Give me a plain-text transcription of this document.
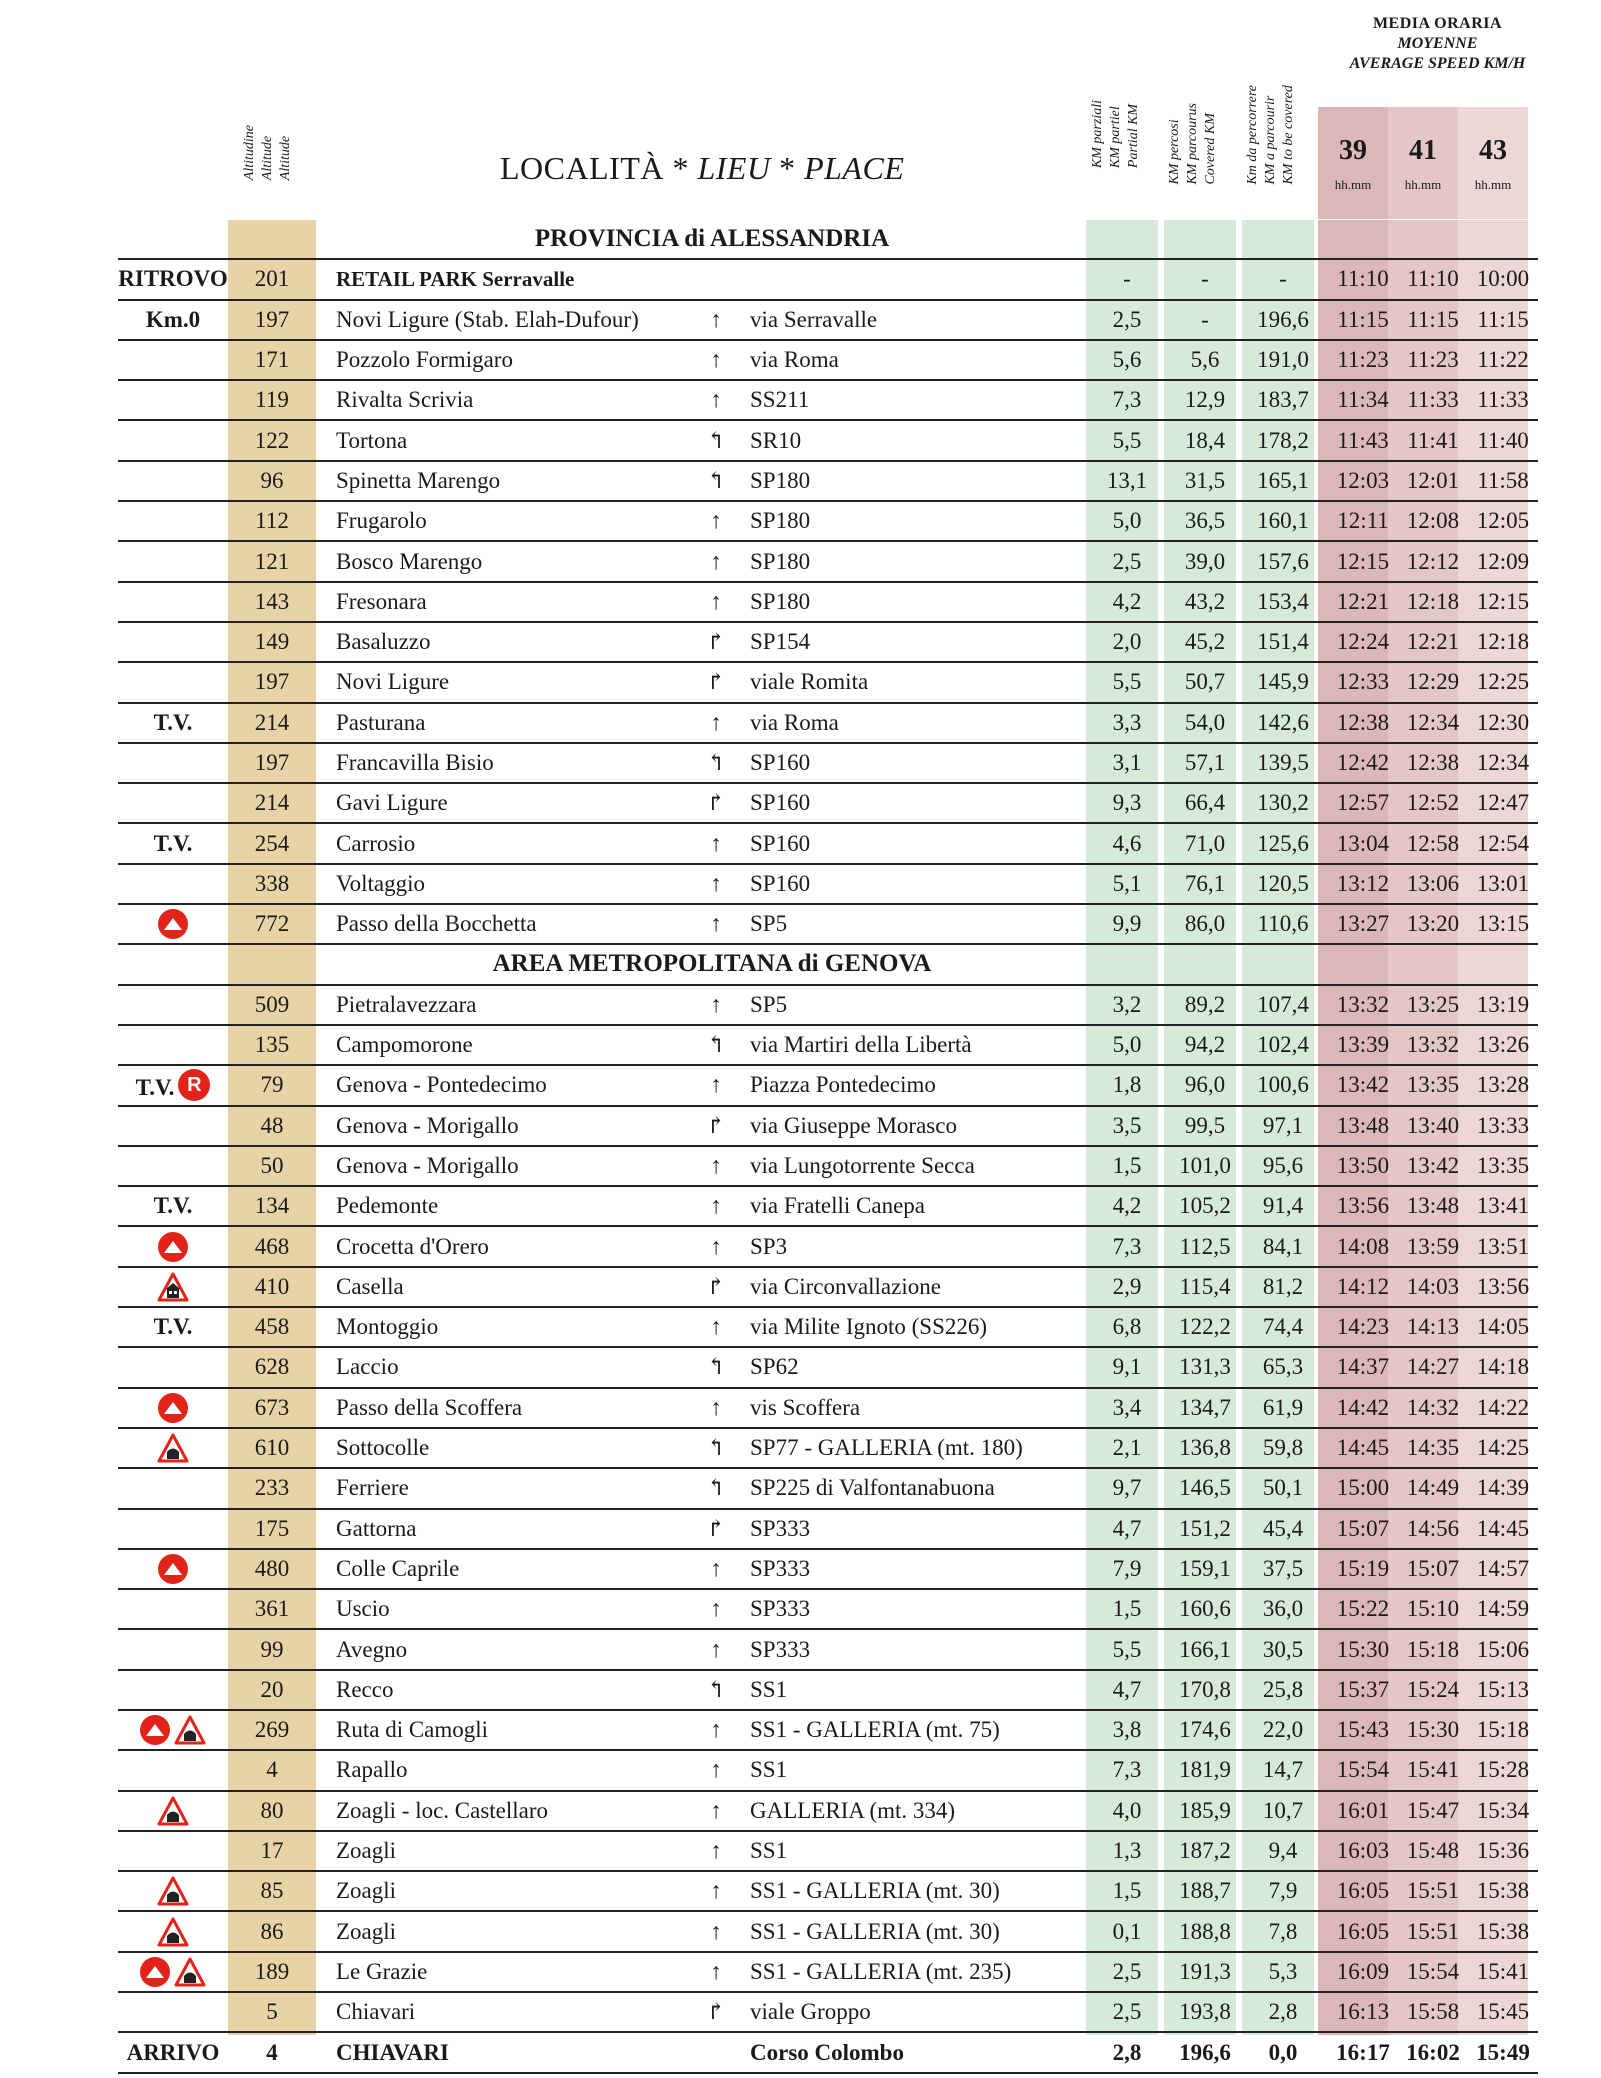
MEDIA ORARIA
MOYENNE
AVERAGE SPEED KM/H
Altitudine Altitude Altitude	KM parziali KM partiel Partial KM KM percosi KM parcourus Covered KM Km da percorrere KM a parcourir KM to be covered
LOCALITÀ * LIEU * PLACE	39
hh.mm
41
hh.mm
43
hh.mm
			PROVINCIA di ALESSANDRIA									
RITROVO	201		RETAIL PARK Serravalle			-	-	-		11:10	11:10	10:00
Km.0	197		Novi Ligure (Stab. Elah-Dufour)	↑	via Serravalle	2,5	-	196,6		11:15	11:15	11:15
	171		Pozzolo Formigaro	↑	via Roma	5,6	5,6	191,0		11:23	11:23	11:22
	119		Rivalta Scrivia	↑	SS211	7,3	12,9	183,7		11:34	11:33	11:33
	122		Tortona	↰	SR10	5,5	18,4	178,2		11:43	11:41	11:40
	96		Spinetta Marengo	↰	SP180	13,1	31,5	165,1		12:03	12:01	11:58
	112		Frugarolo	↑	SP180	5,0	36,5	160,1		12:11	12:08	12:05
	121		Bosco Marengo	↑	SP180	2,5	39,0	157,6		12:15	12:12	12:09
	143		Fresonara	↑	SP180	4,2	43,2	153,4		12:21	12:18	12:15
	149		Basaluzzo	↱	SP154	2,0	45,2	151,4		12:24	12:21	12:18
	197		Novi Ligure	↱	viale Romita	5,5	50,7	145,9		12:33	12:29	12:25
T.V.	214		Pasturana	↑	via Roma	3,3	54,0	142,6		12:38	12:34	12:30
	197		Francavilla Bisio	↰	SP160	3,1	57,1	139,5		12:42	12:38	12:34
	214		Gavi Ligure	↱	SP160	9,3	66,4	130,2		12:57	12:52	12:47
T.V.	254		Carrosio	↑	SP160	4,6	71,0	125,6		13:04	12:58	12:54
	338		Voltaggio	↑	SP160	5,1	76,1	120,5		13:12	13:06	13:01
	772		Passo della Bocchetta	↑	SP5	9,9	86,0	110,6		13:27	13:20	13:15
			AREA METROPOLITANA di GENOVA									
	509		Pietralavezzara	↑	SP5	3,2	89,2	107,4		13:32	13:25	13:19
	135		Campomorone	↰	via Martiri della Libertà	5,0	94,2	102,4		13:39	13:32	13:26
T.V. R	79		Genova - Pontedecimo	↑	Piazza Pontedecimo	1,8	96,0	100,6		13:42	13:35	13:28
	48		Genova - Morigallo	↱	via Giuseppe Morasco	3,5	99,5	97,1		13:48	13:40	13:33
	50		Genova - Morigallo	↑	via Lungotorrente Secca	1,5	101,0	95,6		13:50	13:42	13:35
T.V.	134		Pedemonte	↑	via Fratelli Canepa	4,2	105,2	91,4		13:56	13:48	13:41
	468		Crocetta d'Orero	↑	SP3	7,3	112,5	84,1		14:08	13:59	13:51
	410		Casella	↱	via Circonvallazione	2,9	115,4	81,2		14:12	14:03	13:56
T.V.	458		Montoggio	↑	via Milite Ignoto (SS226)	6,8	122,2	74,4		14:23	14:13	14:05
	628		Laccio	↰	SP62	9,1	131,3	65,3		14:37	14:27	14:18
	673		Passo della Scoffera	↑	vis Scoffera	3,4	134,7	61,9		14:42	14:32	14:22
	610		Sottocolle	↰	SP77 - GALLERIA (mt. 180)	2,1	136,8	59,8		14:45	14:35	14:25
	233		Ferriere	↰	SP225 di Valfontanabuona	9,7	146,5	50,1		15:00	14:49	14:39
	175		Gattorna	↱	SP333	4,7	151,2	45,4		15:07	14:56	14:45
	480		Colle Caprile	↑	SP333	7,9	159,1	37,5		15:19	15:07	14:57
	361		Uscio	↑	SP333	1,5	160,6	36,0		15:22	15:10	14:59
	99		Avegno	↑	SP333	5,5	166,1	30,5		15:30	15:18	15:06
	20		Recco	↰	SS1	4,7	170,8	25,8		15:37	15:24	15:13
	269		Ruta di Camogli	↑	SS1 - GALLERIA (mt. 75)	3,8	174,6	22,0		15:43	15:30	15:18
	4		Rapallo	↑	SS1	7,3	181,9	14,7		15:54	15:41	15:28
	80		Zoagli - loc. Castellaro	↑	GALLERIA (mt. 334)	4,0	185,9	10,7		16:01	15:47	15:34
	17		Zoagli	↑	SS1	1,3	187,2	9,4		16:03	15:48	15:36
	85		Zoagli	↑	SS1 - GALLERIA (mt. 30)	1,5	188,7	7,9		16:05	15:51	15:38
	86		Zoagli	↑	SS1 - GALLERIA (mt. 30)	0,1	188,8	7,8		16:05	15:51	15:38
	189		Le Grazie	↑	SS1 - GALLERIA (mt. 235)	2,5	191,3	5,3		16:09	15:54	15:41
	5		Chiavari	↱	viale Groppo	2,5	193,8	2,8		16:13	15:58	15:45
ARRIVO	4		CHIAVARI		Corso Colombo	2,8	196,6	0,0		16:17	16:02	15:49
